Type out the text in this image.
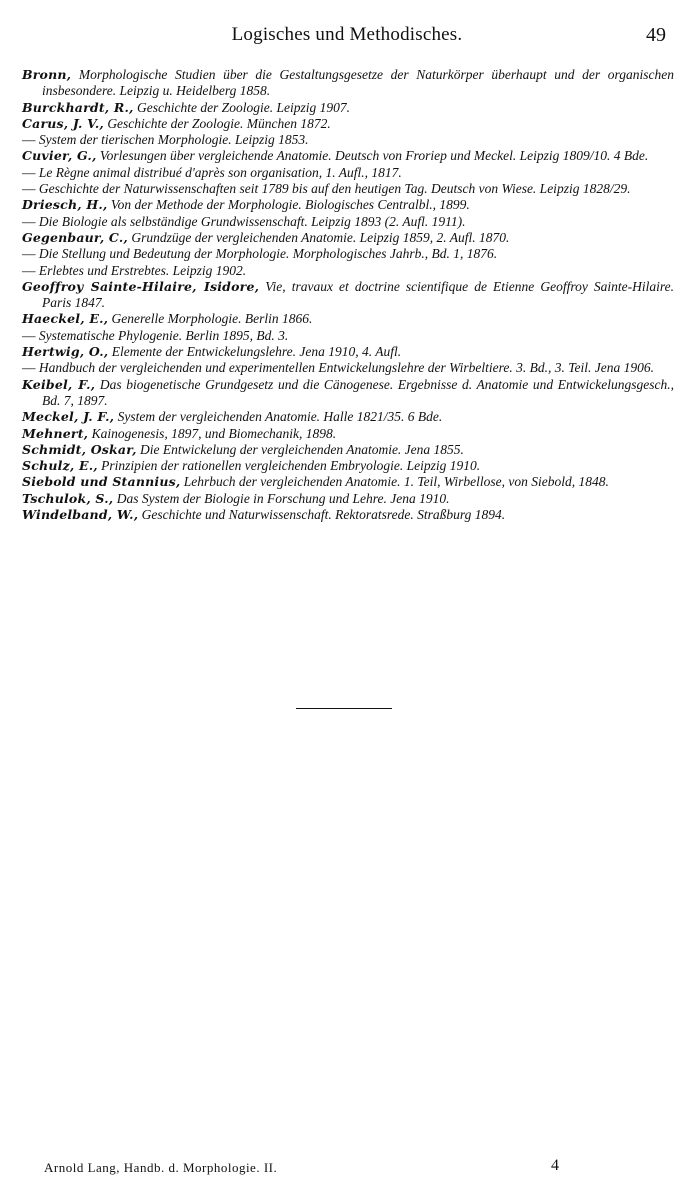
Logisches und Methodisches.	49
Bronn, Morphologische Studien über die Gestaltungsgesetze der Naturkörper überhaupt und der organischen insbesondere. Leipzig u. Heidelberg 1858.
Burckhardt, R., Geschichte der Zoologie. Leipzig 1907.
Carus, J. V., Geschichte der Zoologie. München 1872.
— System der tierischen Morphologie. Leipzig 1853.
Cuvier, G., Vorlesungen über vergleichende Anatomie. Deutsch von Froriep und Meckel. Leipzig 1809/10. 4 Bde.
— Le Règne animal distribué d'après son organisation, 1. Aufl., 1817.
— Geschichte der Naturwissenschaften seit 1789 bis auf den heutigen Tag. Deutsch von Wiese. Leipzig 1828/29.
Driesch, H., Von der Methode der Morphologie. Biologisches Centralbl., 1899.
— Die Biologie als selbständige Grundwissenschaft. Leipzig 1893 (2. Aufl. 1911).
Gegenbaur, C., Grundzüge der vergleichenden Anatomie. Leipzig 1859, 2. Aufl. 1870.
— Die Stellung und Bedeutung der Morphologie. Morphologisches Jahrb., Bd. 1, 1876.
— Erlebtes und Erstrebtes. Leipzig 1902.
Geoffroy Sainte-Hilaire, Isidore, Vie, travaux et doctrine scientifique de Etienne Geoffroy Sainte-Hilaire. Paris 1847.
Haeckel, E., Generelle Morphologie. Berlin 1866.
— Systematische Phylogenie. Berlin 1895, Bd. 3.
Hertwig, O., Elemente der Entwickelungslehre. Jena 1910, 4. Aufl.
— Handbuch der vergleichenden und experimentellen Entwickelungslehre der Wirbeltiere. 3. Bd., 3. Teil. Jena 1906.
Keibel, F., Das biogenetische Grundgesetz und die Cänogenese. Ergebnisse d. Anatomie und Entwickelungsgesch., Bd. 7, 1897.
Meckel, J. F., System der vergleichenden Anatomie. Halle 1821/35. 6 Bde.
Mehnert, Kainogenesis, 1897, und Biomechanik, 1898.
Schmidt, Oskar, Die Entwickelung der vergleichenden Anatomie. Jena 1855.
Schulz, E., Prinzipien der rationellen vergleichenden Embryologie. Leipzig 1910.
Siebold und Stannius, Lehrbuch der vergleichenden Anatomie. 1. Teil, Wirbellose, von Siebold, 1848.
Tschulok, S., Das System der Biologie in Forschung und Lehre. Jena 1910.
Windelband, W., Geschichte und Naturwissenschaft. Rektoratsrede. Straßburg 1894.
Arnold Lang, Handb. d. Morphologie. II.	4
